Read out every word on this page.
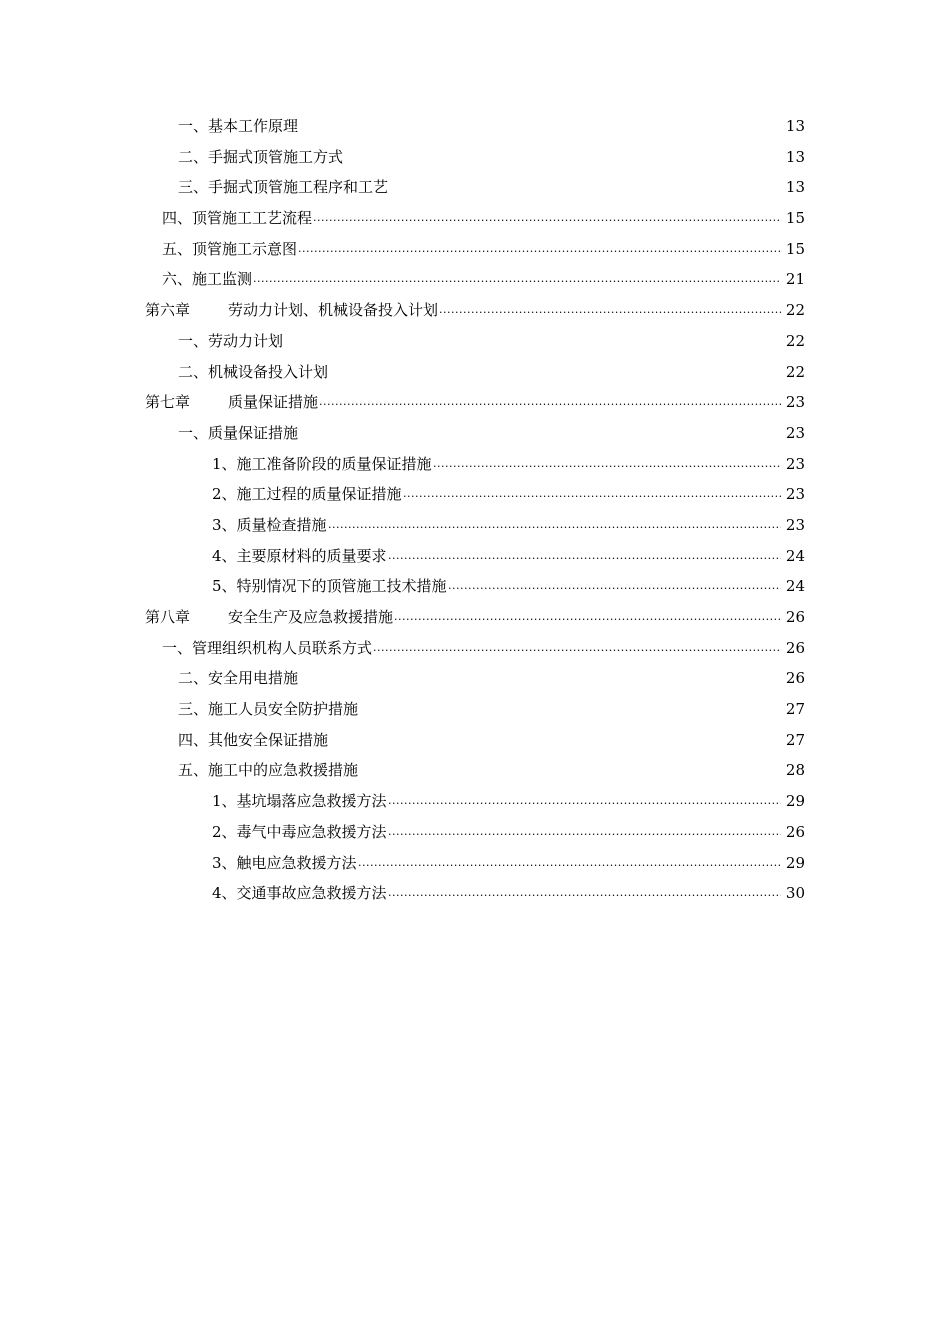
一、基本工作原理	13
二、手掘式顶管施工方式	13
三、手掘式顶管施工程序和工艺	13
四、顶管施工工艺流程 .....	15
五、顶管施工示意图 .....	15
六、施工监测 .....	21
第六章	劳动力计划、机械设备投入计划 .....	22
一、劳动力计划	22
二、机械设备投入计划	22
第七章	质量保证措施 .....	23
一、质量保证措施	23
1、施工准备阶段的质量保证措施 .....	23
2、施工过程的质量保证措施 .....	23
3、质量检查措施 .....	23
4、主要原材料的质量要求 .....	24
5、特别情况下的顶管施工技术措施 .....	24
第八章	安全生产及应急救援措施 .....	26
一、管理组织机构人员联系方式 .....	26
二、安全用电措施	26
三、施工人员安全防护措施	27
四、其他安全保证措施	27
五、施工中的应急救援措施	28
1、基坑塌落应急救援方法 .....	29
2、毒气中毒应急救援方法 .....	26
3、触电应急救援方法 .....	29
4、交通事故应急救援方法 .....	30
